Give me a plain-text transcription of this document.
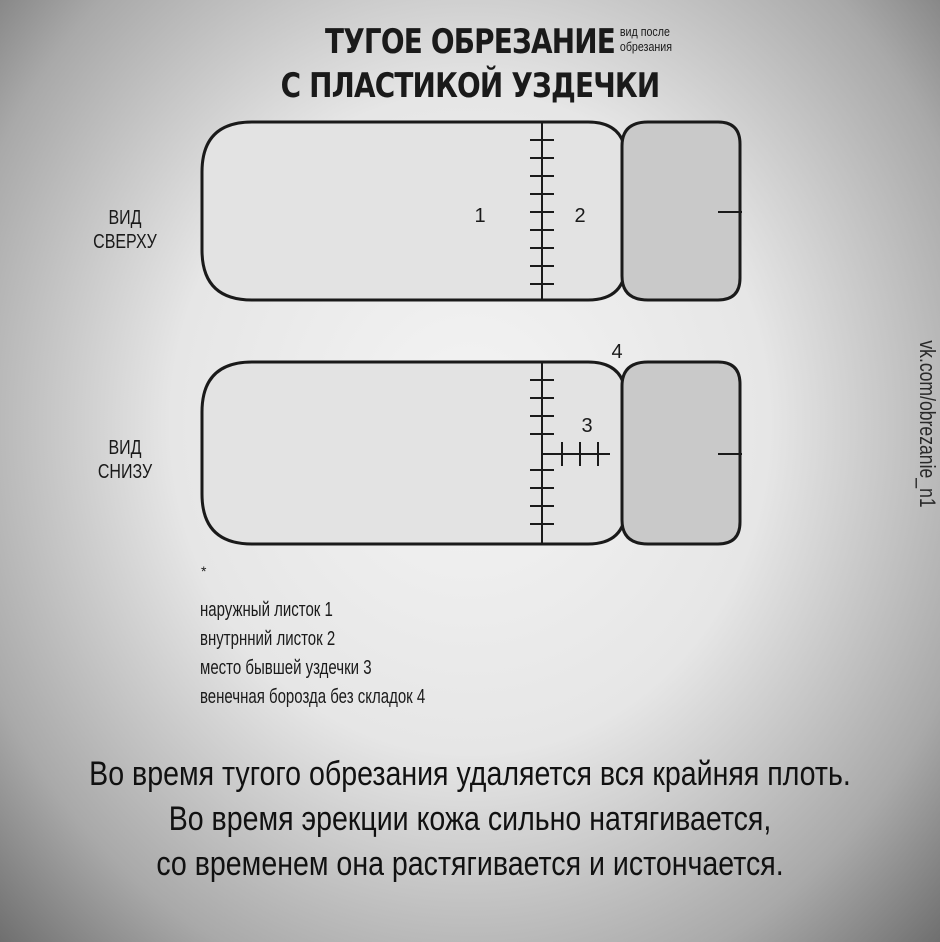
ТУГОЕ ОБРЕЗАНИЕ вид после
обрезания
С ПЛАСТИКОЙ УЗДЕЧКИ
ВИД
СВЕРХУ
ВИД
СНИЗУ
1	2
3
4
*
наружный листок 1
внутрнний листок 2
место бывшей уздечки 3
венечная борозда без складок 4
Во время тугого обрезания удаляется вся крайняя плоть.
Во время эрекции кожа сильно натягивается,
со временем она растягивается и истончается.
vk.com/obrezanie_n1
